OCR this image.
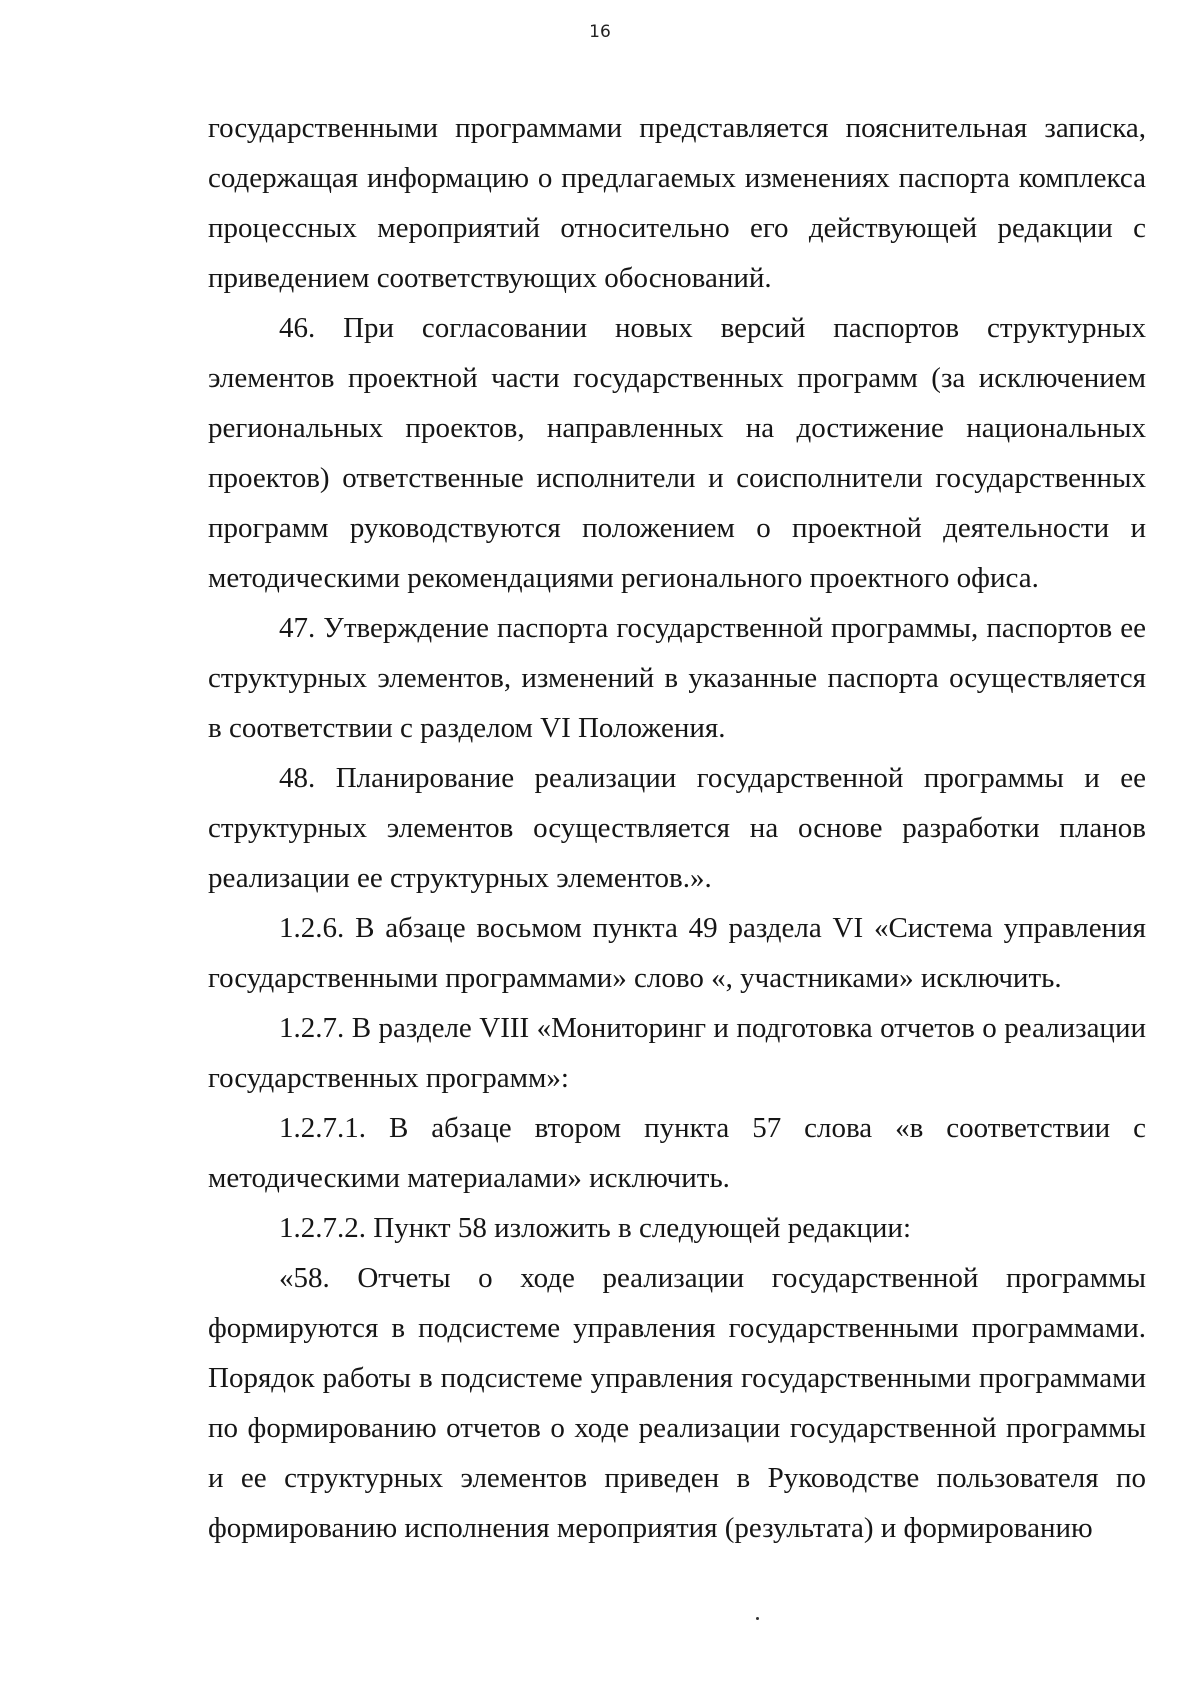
16

государственными программами представляется пояснительная записка, содержащая информацию о предлагаемых изменениях паспорта комплекса процессных мероприятий относительно его действующей редакции с приведением соответствующих обоснований.

46. При согласовании новых версий паспортов структурных элементов проектной части государственных программ (за исключением региональных проектов, направленных на достижение национальных проектов) ответственные исполнители и соисполнители государственных программ руководствуются положением о проектной деятельности и методическими рекомендациями регионального проектного офиса.

47. Утверждение паспорта государственной программы, паспортов ее структурных элементов, изменений в указанные паспорта осуществляется в соответствии с разделом VI Положения.

48. Планирование реализации государственной программы и ее структурных элементов осуществляется на основе разработки планов реализации ее структурных элементов.».

1.2.6. В абзаце восьмом пункта 49 раздела VI «Система управления государственными программами» слово «, участниками» исключить.

1.2.7. В разделе VIII «Мониторинг и подготовка отчетов о реализации государственных программ»:

1.2.7.1. В абзаце втором пункта 57 слова «в соответствии с методическими материалами» исключить.

1.2.7.2. Пункт 58 изложить в следующей редакции:

«58. Отчеты о ходе реализации государственной программы формируются в подсистеме управления государственными программами. Порядок работы в подсистеме управления государственными программами по формированию отчетов о ходе реализации государственной программы и ее структурных элементов приведен в Руководстве пользователя по формированию исполнения мероприятия (результата) и формированию
